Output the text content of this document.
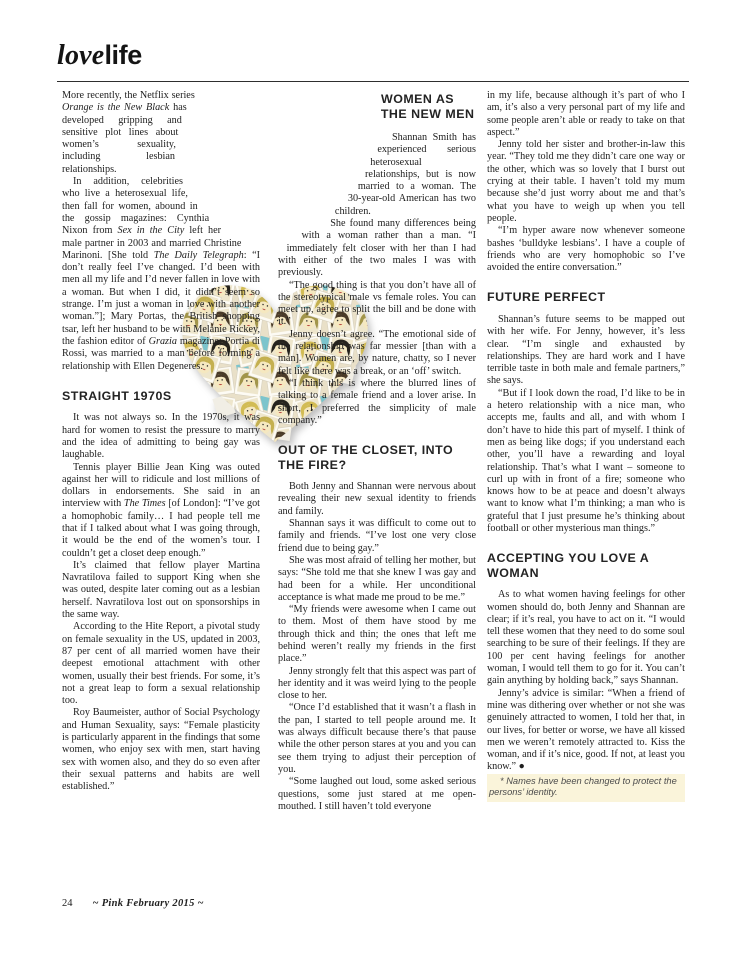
lovelife

More recently, the Netflix series Orange is the New Black has developed gripping and sensitive plot lines about women’s sexuality, including lesbian relationships.

In addition, celebrities who live a heterosexual life, then fall for women, abound in the gossip magazines: Cynthia Nixon from Sex in the City left her male partner in 2003 and married Christine Marinoni. [She told The Daily Telegraph: “I don’t really feel I’ve changed. I’d been with men all my life and I’d never fallen in love with a woman. But when I did, it didn’t seem so strange. I’m just a woman in love with another woman.”]; Mary Portas, the British shopping tsar, left her husband to be with Melanie Rickey, the fashion editor of Grazia magazine; Portia di Rossi, was married to a man before forming a relationship with Ellen Degeneres.

STRAIGHT 1970S

It was not always so. In the 1970s, it was hard for women to resist the pressure to marry and the idea of admitting to being gay was laughable.

Tennis player Billie Jean King was outed against her will to ridicule and lost millions of dollars in endorsements. She said in an interview with The Times [of London]: “I’ve got a homophobic family… I had people tell me that if I talked about what I was going through, it would be the end of the women’s tour. I couldn’t get a closet deep enough.”

It’s claimed that fellow player Martina Navratilova failed to support King when she was outed, despite later coming out as a lesbian herself. Navratilova lost out on sponsorships in the same way.

According to the Hite Report, a pivotal study on female sexuality in the US, updated in 2003, 87 per cent of all married women have their deepest emotional attachment with other women, usually their best friends. For some, it’s not a great leap to form a sexual relationship too.

Roy Baumeister, author of Social Psychology and Human Sexuality, says: “Female plasticity is particularly apparent in the findings that some women, who enjoy sex with men, start having sex with women also, and they do so even after their sexual patterns and habits are well established.”

WOMEN AS THE NEW MEN

Shannan Smith has experienced serious heterosexual relationships, but is now married to a woman. The 30-year-old American has two children.

She found many differences being with a woman rather than a man. “I immediately felt closer with her than I had with either of the two males I was with previously.

“The good thing is that you don’t have all of the stereotypical male vs female roles. You can meet up, agree to split the bill and be done with it.”

Jenny doesn’t agree. “The emotional side of the relationship was far messier [than with a man]. Women are, by nature, chatty, so I never felt like there was a break, or an ‘off’ switch.

“I think this is where the blurred lines of talking to a female friend and a lover arise. In short, I preferred the simplicity of male company.”

OUT OF THE CLOSET, INTO THE FIRE?

Both Jenny and Shannan were nervous about revealing their new sexual identity to friends and family.

Shannan says it was difficult to come out to family and friends. “I’ve lost one very close friend due to being gay.”

She was most afraid of telling her mother, but says: “She told me that she knew I was gay and had been for a while. Her unconditional acceptance is what made me proud to be me.”

“My friends were awesome when I came out to them. Most of them have stood by me through thick and thin; the ones that left me behind weren’t really my friends in the first place.”

Jenny strongly felt that this aspect was part of her identity and it was weird lying to the people close to her.

“Once I’d established that it wasn’t a flash in the pan, I started to tell people around me. It was always difficult because there’s that pause while the other person stares at you and you can see them trying to adjust their perception of you.

“Some laughed out loud, some asked serious questions, some just stared at me open-mouthed. I still haven’t told everyone

in my life, because although it’s part of who I am, it’s also a very personal part of my life and some people aren’t able or ready to take on that aspect.”

Jenny told her sister and brother-in-law this year. “They told me they didn’t care one way or the other, which was so lovely that I burst out crying at their table. I haven’t told my mum because she’d just worry about me and that’s what you have to weigh up when you tell people.

“I’m hyper aware now whenever someone bashes ‘bulldyke lesbians’. I have a couple of friends who are very homophobic so I’ve avoided the entire conversation.”

FUTURE PERFECT

Shannan’s future seems to be mapped out with her wife. For Jenny, however, it’s less clear. “I’m single and exhausted by relationships. They are hard work and I have terrible taste in both male and female partners,” she says.

“But if I look down the road, I’d like to be in a hetero relationship with a nice man, who accepts me, faults and all, and with whom I don’t have to hide this part of myself. I think of men as being like dogs; if you understand each other, you’ll have a rewarding and loyal relationship. That’s what I want – someone to curl up with in front of a fire; someone who knows how to be at peace and doesn’t always want to know what I’m thinking; a man who is grateful that I just presume he’s thinking about football or other mysterious man things.”

ACCEPTING YOU LOVE A WOMAN

As to what women having feelings for other women should do, both Jenny and Shannan are clear; if it’s real, you have to act on it. “I would tell these women that they need to do some soul searching to be sure of their feelings. If they are 100 per cent having feelings for another woman, I would tell them to go for it. You can’t gain anything by holding back,” says Shannan.

Jenny’s advice is similar: “When a friend of mine was dithering over whether or not she was genuinely attracted to women, I told her that, in our lives, for better or worse, we have all kissed men we weren’t remotely attracted to. Kiss the woman, and if it’s nice, good. If not, at least you know.” ●

* Names have been changed to protect the persons’ identity.

24 ~ Pink February 2015 ~
